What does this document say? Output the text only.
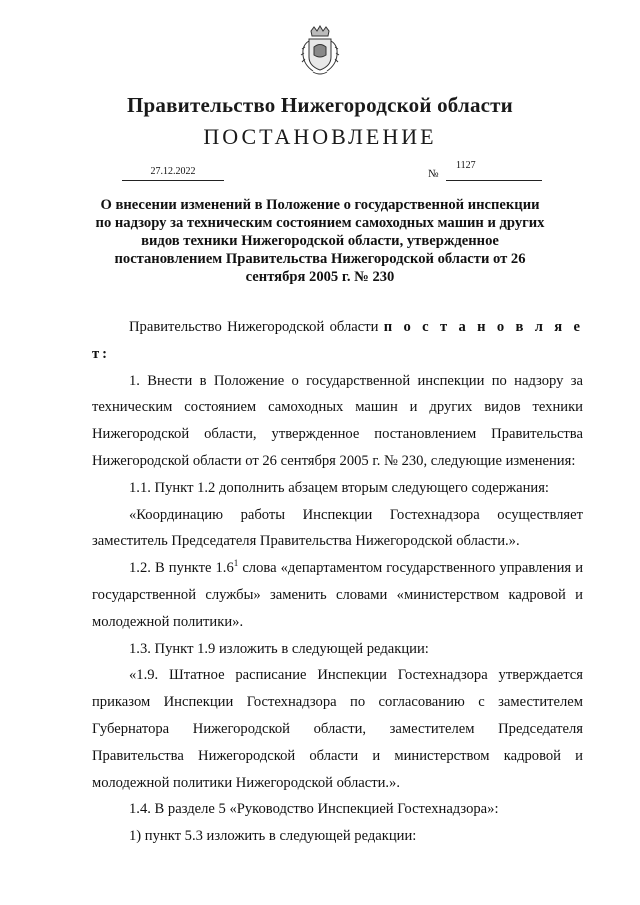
Правительство Нижегородской области
ПОСТАНОВЛЕНИЕ
27.12.2022	№
1127
О внесении изменений в Положение о государственной инспекции по надзору за техническим состоянием самоходных машин и других видов техники Нижегородской области, утвержденное постановлением Правительства Нижегородской области от 26 сентября 2005 г. № 230

Правительство Нижегородской области п о с т а н о в л я е т:

1. Внести в Положение о государственной инспекции по надзору за техническим состоянием самоходных машин и других видов техники Нижегородской области, утвержденное постановлением Правительства Нижегородской области от 26 сентября 2005 г. № 230, следующие изменения:

1.1. Пункт 1.2 дополнить абзацем вторым следующего содержания:

«Координацию работы Инспекции Гостехнадзора осуществляет заместитель Председателя Правительства Нижегородской области.».

1.2. В пункте $1.6^1$ слова «департаментом государственного управления и государственной службы» заменить словами «министерством кадровой и молодежной политики».

1.3. Пункт 1.9 изложить в следующей редакции:

«1.9. Штатное расписание Инспекции Гостехнадзора утверждается приказом Инспекции Гостехнадзора по согласованию с заместителем Губернатора Нижегородской области, заместителем Председателя Правительства Нижегородской области и министерством кадровой и молодежной политики Нижегородской области.».

1.4. В разделе 5 «Руководство Инспекцией Гостехнадзора»:

1) пункт 5.3 изложить в следующей редакции:
